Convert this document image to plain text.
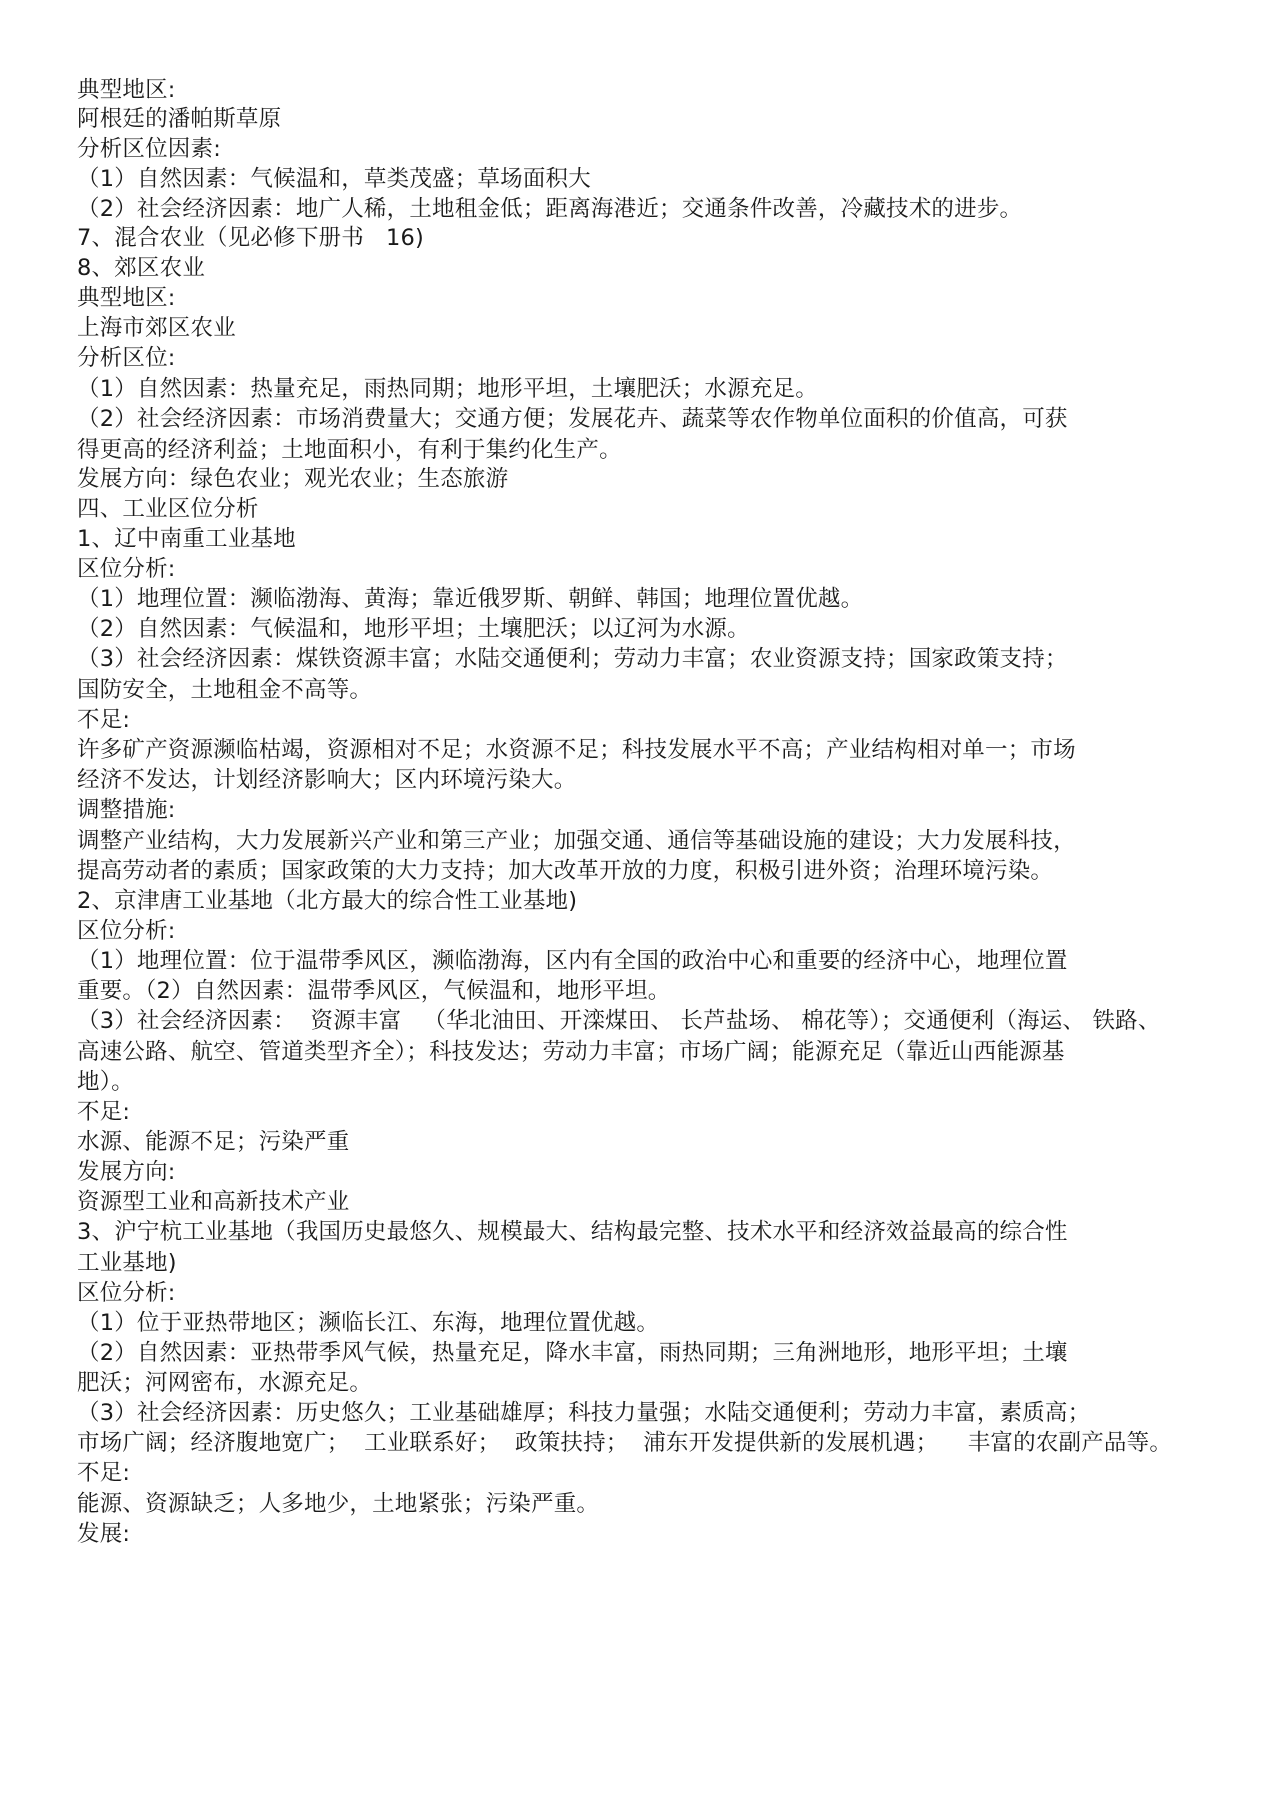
典型地区:

阿根廷的潘帕斯草原

分析区位因素:

（1）自然因素：气候温和，草类茂盛；草场面积大

（2）社会经济因素：地广人稀，土地租金低；距离海港近；交通条件改善，冷藏技术的进步。

7、混合农业（见必修下册书   16)

8、郊区农业

典型地区:

上海市郊区农业

分析区位:

（1）自然因素：热量充足，雨热同期；地形平坦，土壤肥沃；水源充足。

（2）社会经济因素：市场消费量大；交通方便；发展花卉、蔬菜等农作物单位面积的价值高，可获

得更高的经济利益；土地面积小，有利于集约化生产。

发展方向：绿色农业；观光农业；生态旅游

四、工业区位分析

1、辽中南重工业基地

区位分析:

（1）地理位置：濒临渤海、黄海；靠近俄罗斯、朝鲜、韩国；地理位置优越。

（2）自然因素：气候温和，地形平坦；土壤肥沃；以辽河为水源。

（3）社会经济因素：煤铁资源丰富；水陆交通便利；劳动力丰富；农业资源支持；国家政策支持；

国防安全，土地租金不高等。

不足:

许多矿产资源濒临枯竭，资源相对不足；水资源不足；科技发展水平不高；产业结构相对单一；市场

经济不发达，计划经济影响大；区内环境污染大。

调整措施:

调整产业结构，大力发展新兴产业和第三产业；加强交通、通信等基础设施的建设；大力发展科技，

提高劳动者的素质；国家政策的大力支持；加大改革开放的力度，积极引进外资；治理环境污染。

2、京津唐工业基地（北方最大的综合性工业基地)

区位分析:

（1）地理位置：位于温带季风区，濒临渤海，区内有全国的政治中心和重要的经济中心，地理位置

重要。（2）自然因素：温带季风区，气候温和，地形平坦。

（3）社会经济因素：  资源丰富   （华北油田、开滦煤田、 长芦盐场、 棉花等）；交通便利（海运、 铁路、

高速公路、航空、管道类型齐全）；科技发达；劳动力丰富；市场广阔；能源充足（靠近山西能源基

地）。

不足:

水源、能源不足；污染严重

发展方向:

资源型工业和高新技术产业

3、沪宁杭工业基地（我国历史最悠久、规模最大、结构最完整、技术水平和经济效益最高的综合性

工业基地)

区位分析:

（1）位于亚热带地区；濒临长江、东海，地理位置优越。

（2）自然因素：亚热带季风气候，热量充足，降水丰富，雨热同期；三角洲地形，地形平坦；土壤

肥沃；河网密布，水源充足。

（3）社会经济因素：历史悠久；工业基础雄厚；科技力量强；水陆交通便利；劳动力丰富，素质高；

市场广阔；经济腹地宽广；  工业联系好；  政策扶持；  浦东开发提供新的发展机遇；    丰富的农副产品等。

不足:

能源、资源缺乏；人多地少，土地紧张；污染严重。

发展:
